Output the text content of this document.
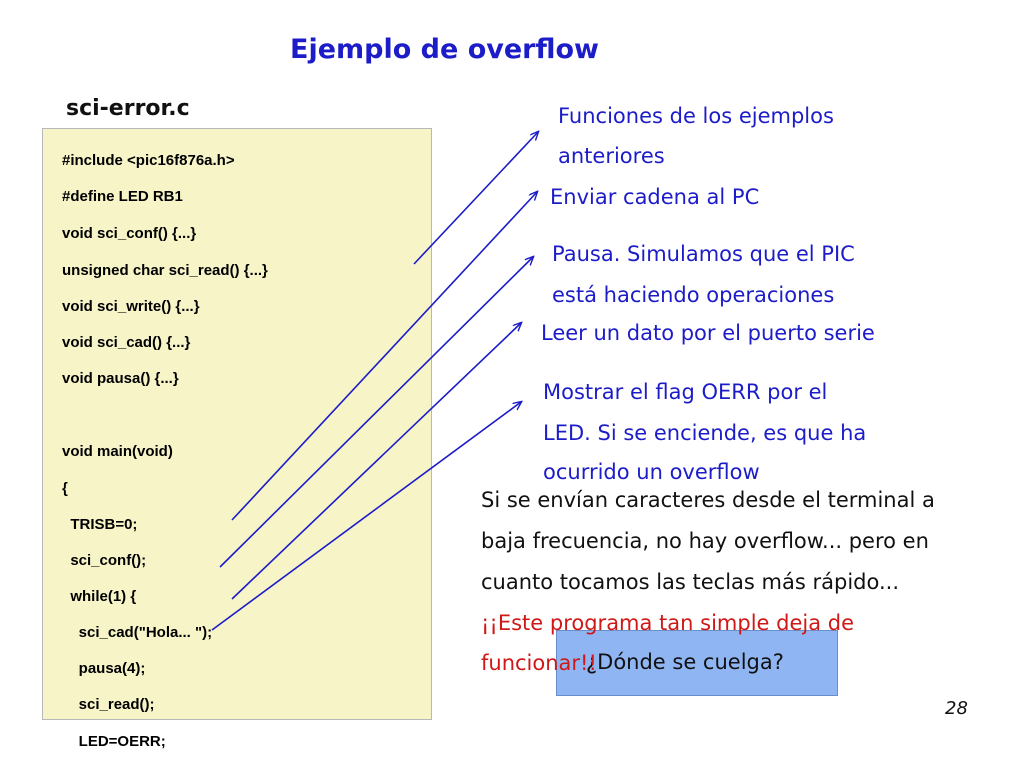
Ejemplo de overflow
sci-error.c
#include <pic16f876a.h>
#define LED RB1
void sci_conf() {...}
unsigned char sci_read() {...}
void sci_write() {...}
void sci_cad() {...}
void pausa() {...}
void main(void)
{
TRISB=0;
sci_conf();
while(1) {
sci_cad("Hola... ");
pausa(4);
sci_read();
LED=OERR;
Funciones de los ejemplos
anteriores
Enviar cadena al PC
Pausa. Simulamos que el PIC
está haciendo operaciones
Leer un dato por el puerto serie
Mostrar el flag OERR por el
LED. Si se enciende, es que ha
ocurrido un overflow
Si se envían caracteres desde el terminal a
baja frecuencia, no hay overflow... pero en
cuanto tocamos las teclas más rápido...
¿Dónde se cuelga?
¡¡Este programa tan simple deja de
funcionar!!
28
